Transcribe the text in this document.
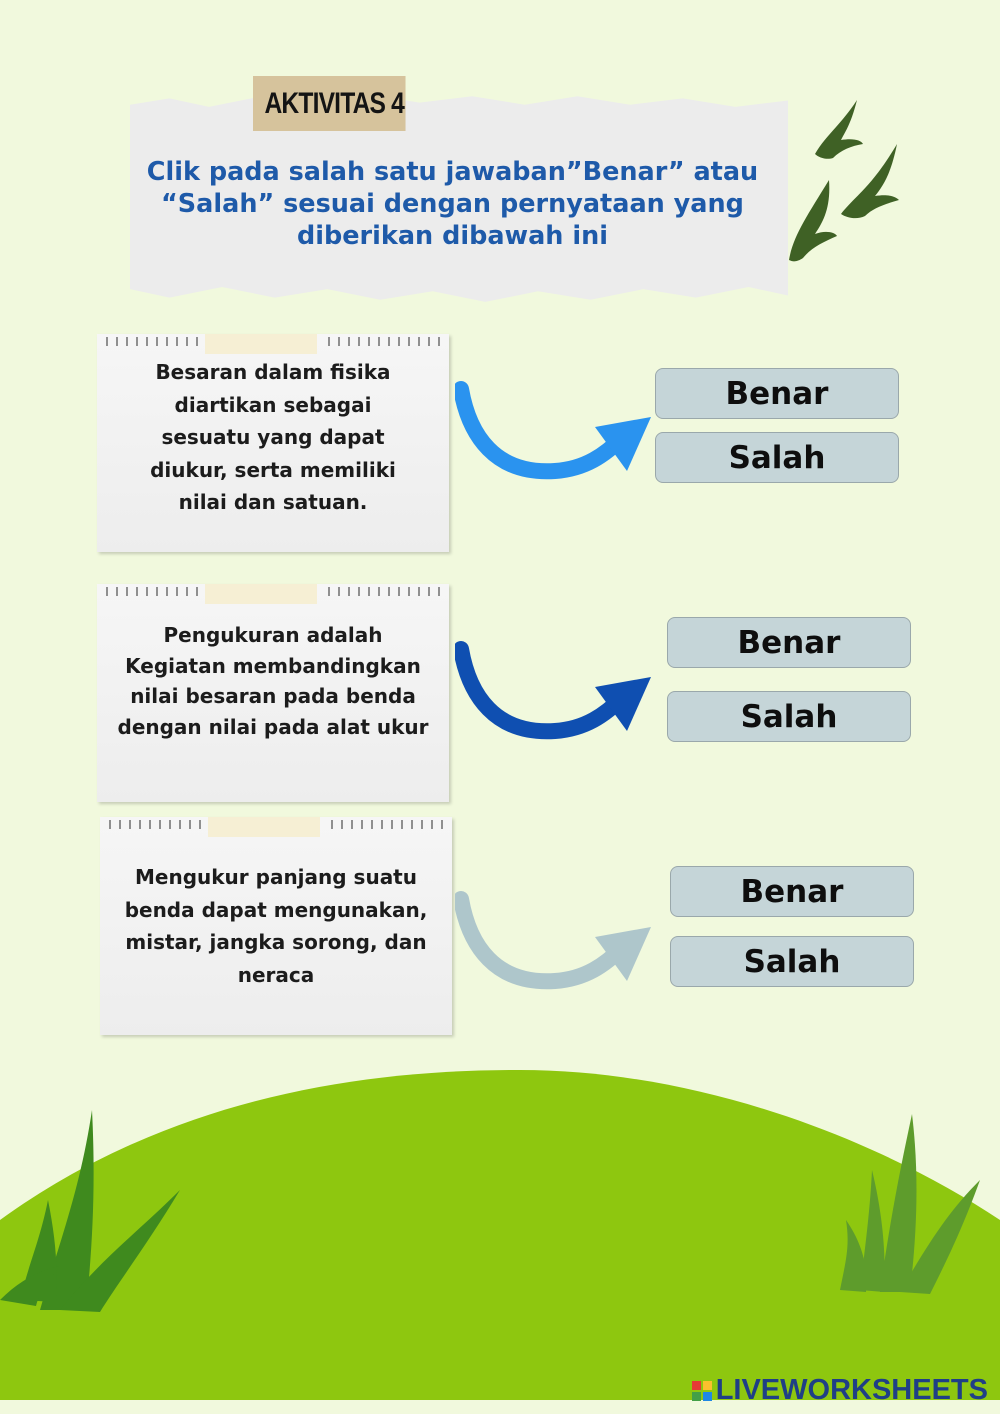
AKTIVITAS 4
Clik pada salah satu jawaban”Benar” atau
“Salah” sesuai dengan pernyataan yang
diberikan dibawah ini
Besaran dalam fisika
diartikan sebagai
sesuatu yang dapat
diukur, serta memiliki
nilai dan satuan.
Benar
Salah
Pengukuran adalah
Kegiatan membandingkan
nilai besaran pada benda
dengan nilai pada alat ukur
Benar
Salah
Mengukur panjang suatu
benda dapat mengunakan,
mistar, jangka sorong, dan
neraca
Benar
Salah
LIVEWORKSHEETS
